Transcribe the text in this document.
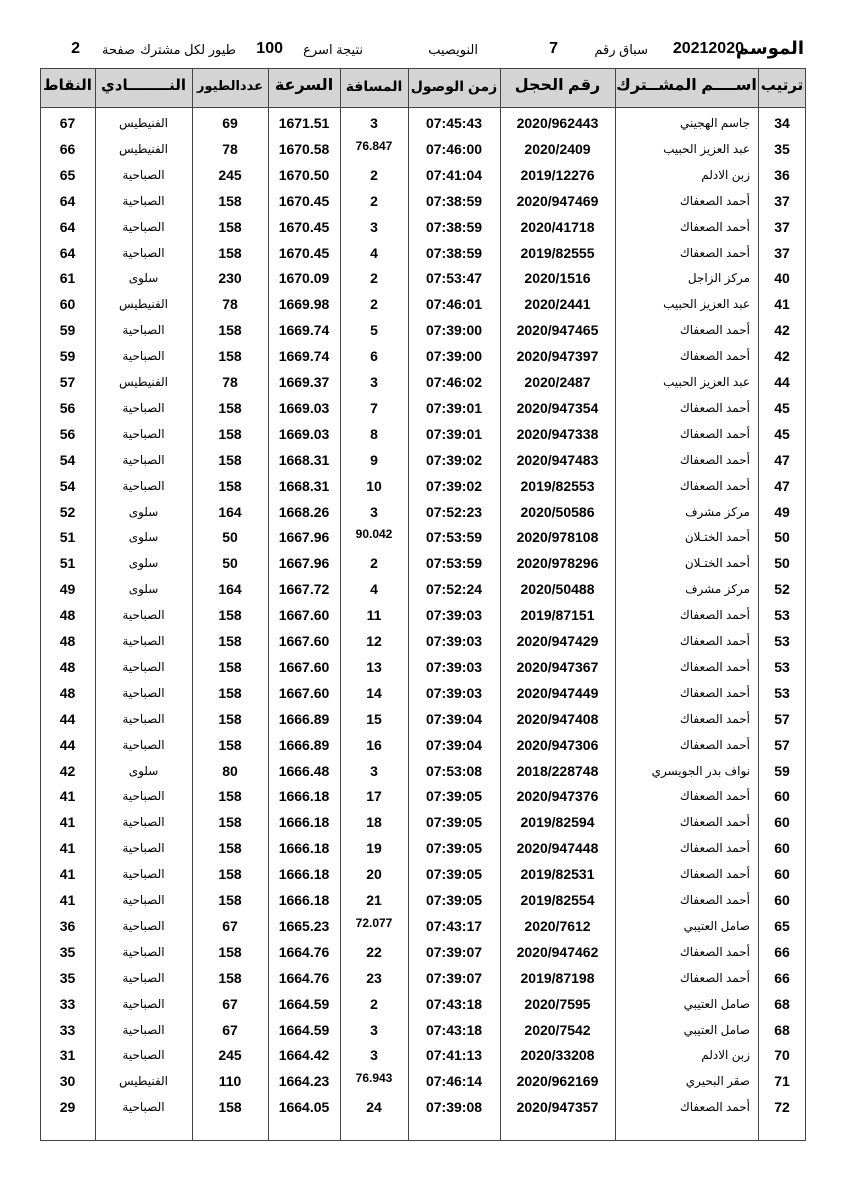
الموسم
20212020
سباق رقم
7
النويصيب
نتيجة اسرع
100
طيور لكل مشترك
صفحة
2
ترتيب
اســــم المشــترك
رقم الحجل
زمن الوصول
المسافة
السرعة
عددالطيور
النــــــــادي
النقاط
34
جاسم الهجيني
2020/962443
07:45:43
3
1671.51
69
الفنيطيس
67
35
عبد العزيز الحبيب
2020/2409
07:46:00
76.847
1670.58
78
الفنيطيس
66
36
زبن الادلم
2019/12276
07:41:04
2
1670.50
245
الصباحية
65
37
أحمد الصعفاك
2020/947469
07:38:59
2
1670.45
158
الصباحية
64
37
أحمد الصعفاك
2020/41718
07:38:59
3
1670.45
158
الصباحية
64
37
أحمد الصعفاك
2019/82555
07:38:59
4
1670.45
158
الصباحية
64
40
مركز الزاجل
2020/1516
07:53:47
2
1670.09
230
سلوى
61
41
عبد العزيز الحبيب
2020/2441
07:46:01
2
1669.98
78
الفنيطيس
60
42
أحمد الصعفاك
2020/947465
07:39:00
5
1669.74
158
الصباحية
59
42
أحمد الصعفاك
2020/947397
07:39:00
6
1669.74
158
الصباحية
59
44
عبد العزيز الحبيب
2020/2487
07:46:02
3
1669.37
78
الفنيطيس
57
45
أحمد الصعفاك
2020/947354
07:39:01
7
1669.03
158
الصباحية
56
45
أحمد الصعفاك
2020/947338
07:39:01
8
1669.03
158
الصباحية
56
47
أحمد الصعفاك
2020/947483
07:39:02
9
1668.31
158
الصباحية
54
47
أحمد الصعفاك
2019/82553
07:39:02
10
1668.31
158
الصباحية
54
49
مركز مشرف
2020/50586
07:52:23
3
1668.26
164
سلوى
52
50
أحمد الختـلان
2020/978108
07:53:59
90.042
1667.96
50
سلوى
51
50
أحمد الختـلان
2020/978296
07:53:59
2
1667.96
50
سلوى
51
52
مركز مشرف
2020/50488
07:52:24
4
1667.72
164
سلوى
49
53
أحمد الصعفاك
2019/87151
07:39:03
11
1667.60
158
الصباحية
48
53
أحمد الصعفاك
2020/947429
07:39:03
12
1667.60
158
الصباحية
48
53
أحمد الصعفاك
2020/947367
07:39:03
13
1667.60
158
الصباحية
48
53
أحمد الصعفاك
2020/947449
07:39:03
14
1667.60
158
الصباحية
48
57
أحمد الصعفاك
2020/947408
07:39:04
15
1666.89
158
الصباحية
44
57
أحمد الصعفاك
2020/947306
07:39:04
16
1666.89
158
الصباحية
44
59
نواف بدر الجويسري
2018/228748
07:53:08
3
1666.48
80
سلوى
42
60
أحمد الصعفاك
2020/947376
07:39:05
17
1666.18
158
الصباحية
41
60
أحمد الصعفاك
2019/82594
07:39:05
18
1666.18
158
الصباحية
41
60
أحمد الصعفاك
2020/947448
07:39:05
19
1666.18
158
الصباحية
41
60
أحمد الصعفاك
2019/82531
07:39:05
20
1666.18
158
الصباحية
41
60
أحمد الصعفاك
2019/82554
07:39:05
21
1666.18
158
الصباحية
41
65
صامل العتيبي
2020/7612
07:43:17
72.077
1665.23
67
الصباحية
36
66
أحمد الصعفاك
2020/947462
07:39:07
22
1664.76
158
الصباحية
35
66
أحمد الصعفاك
2019/87198
07:39:07
23
1664.76
158
الصباحية
35
68
صامل العتيبي
2020/7595
07:43:18
2
1664.59
67
الصباحية
33
68
صامل العتيبي
2020/7542
07:43:18
3
1664.59
67
الصباحية
33
70
زبن الادلم
2020/33208
07:41:13
3
1664.42
245
الصباحية
31
71
صقر البحيري
2020/962169
07:46:14
76.943
1664.23
110
الفنيطيس
30
72
أحمد الصعفاك
2020/947357
07:39:08
24
1664.05
158
الصباحية
29
